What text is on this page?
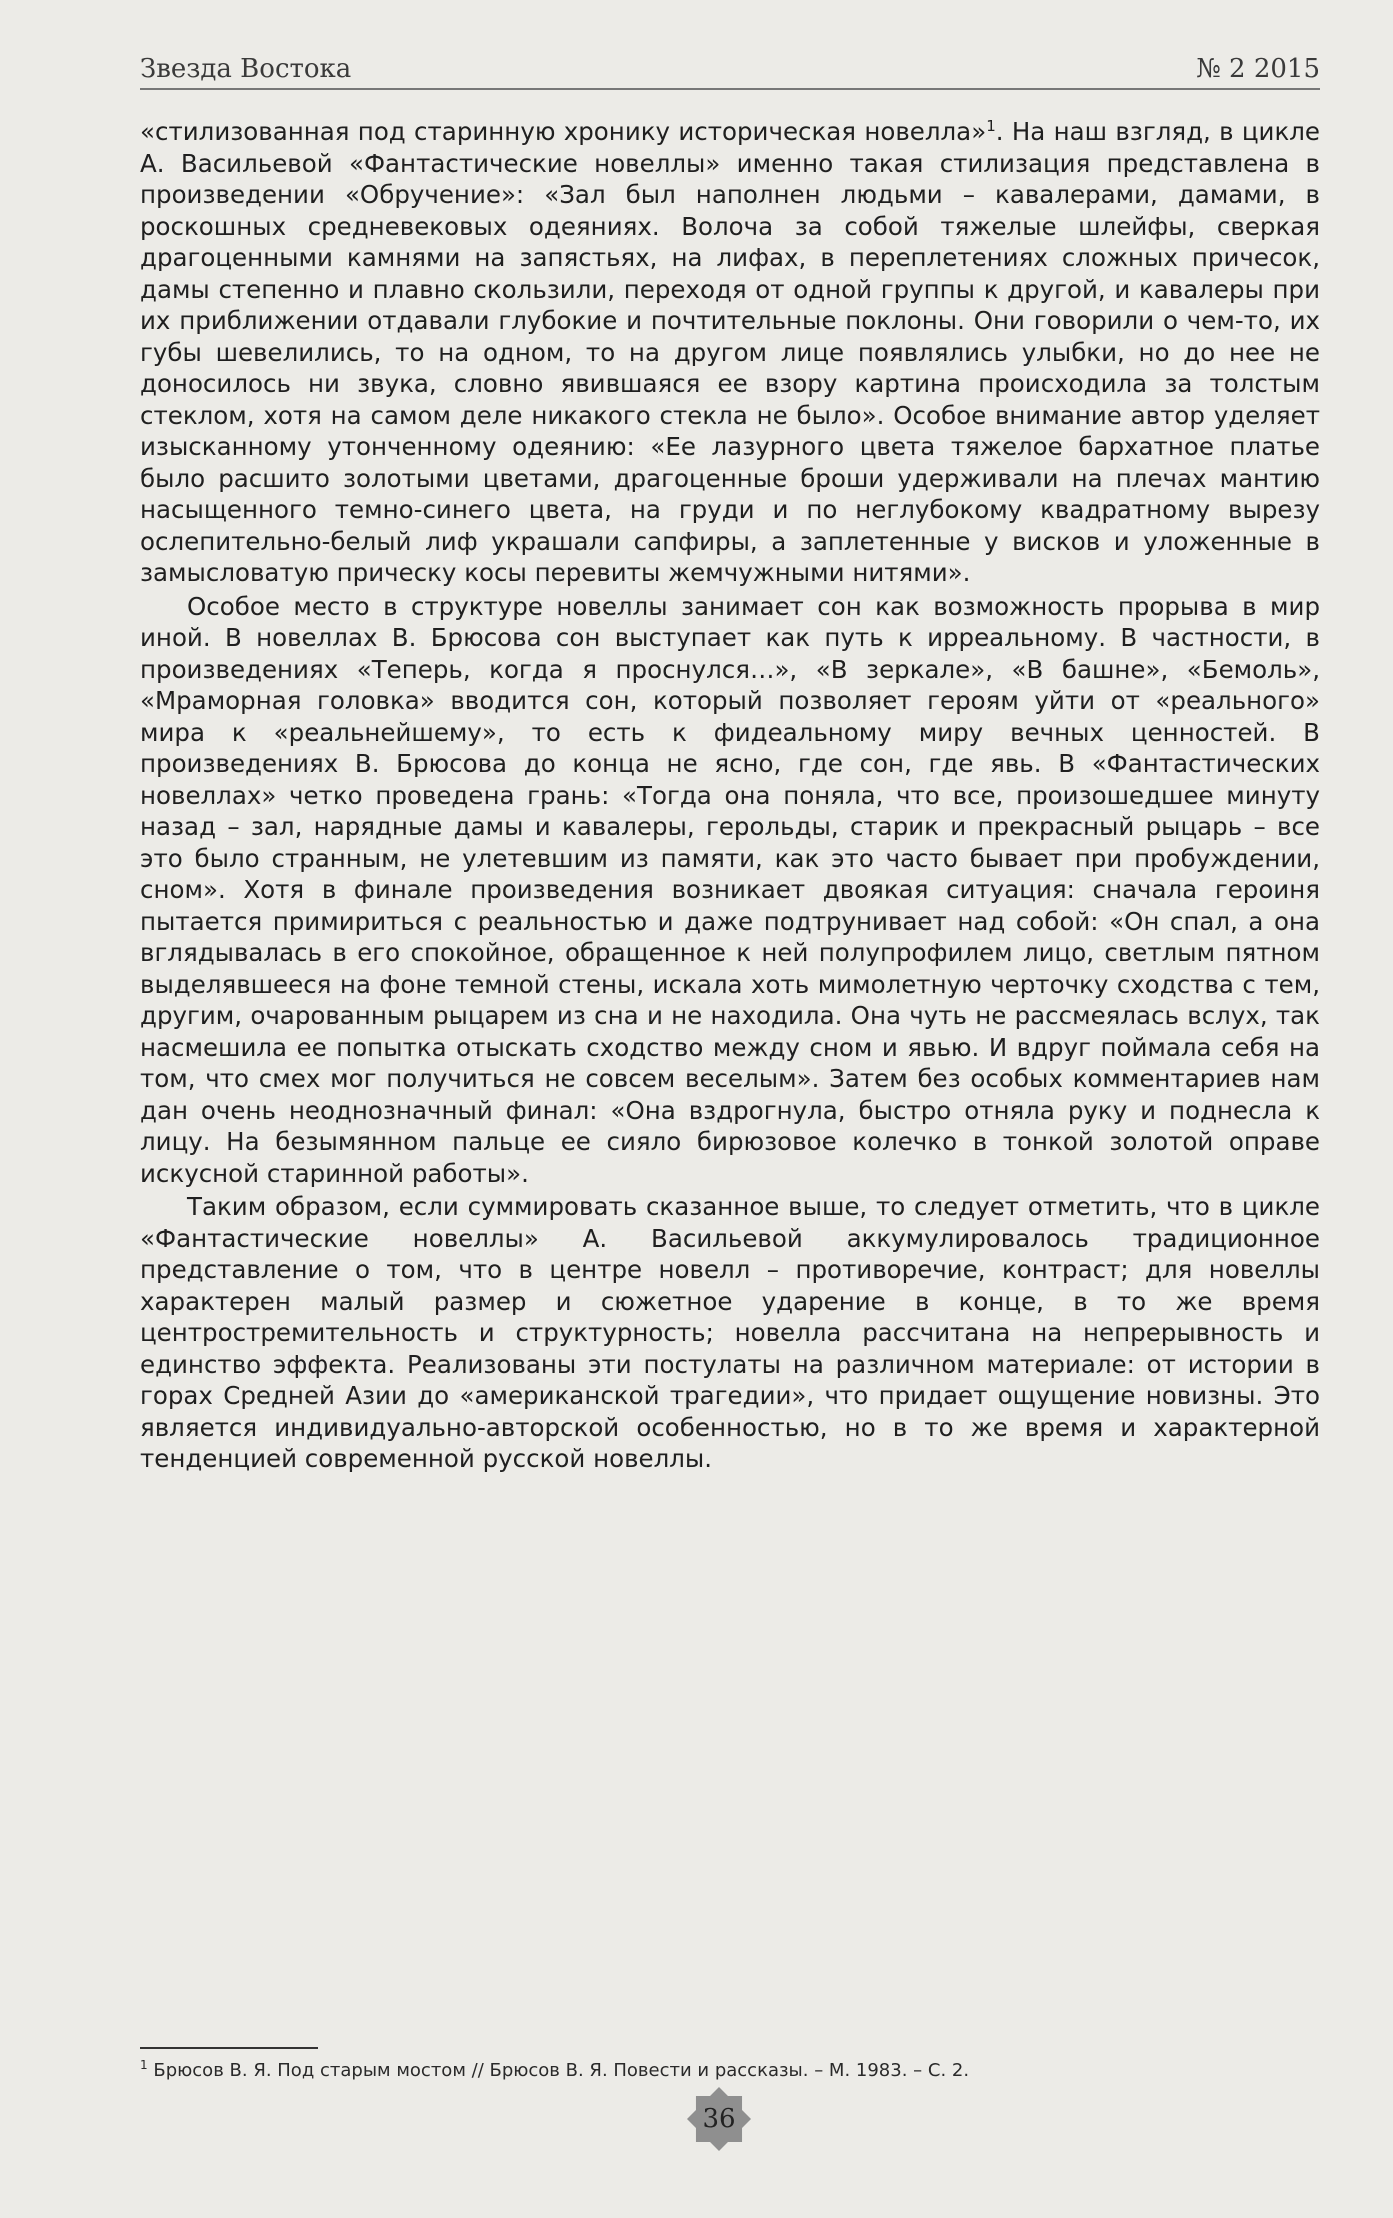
Звезда Востока	№ 2 2015

«стилизованная под старинную хронику историческая новелла»$^1$. На наш взгляд, в цикле А. Васильевой «Фантастические новеллы» именно такая стилизация представлена в произведении «Обручение»: «Зал был наполнен людьми – кавалерами, дамами, в роскошных средневековых одеяниях. Волоча за собой тяжелые шлейфы, сверкая драгоценными камнями на запястьях, на лифах, в переплетениях сложных причесок, дамы степенно и плавно скользили, переходя от одной группы к другой, и кавалеры при их приближении отдавали глубокие и почтительные поклоны. Они говорили о чем-то, их губы шевелились, то на одном, то на другом лице появлялись улыбки, но до нее не доносилось ни звука, словно явившаяся ее взору картина происходила за толстым стеклом, хотя на самом деле никакого стекла не было». Особое внимание автор уделяет изысканному утонченному одеянию: «Ее лазурного цвета тяжелое бархатное платье было расшито золотыми цветами, драгоценные броши удерживали на плечах мантию насыщенного темно-синего цвета, на груди и по неглубокому квадратному вырезу ослепительно-белый лиф украшали сапфиры, а заплетенные у висков и уложенные в замысловатую прическу косы перевиты жемчужными нитями».

Особое место в структуре новеллы занимает сон как возможность прорыва в мир иной. В новеллах В. Брюсова сон выступает как путь к ирреальному. В частности, в произведениях «Теперь, когда я проснулся…», «В зеркале», «В башне», «Бемоль», «Мраморная головка» вводится сон, который позволяет героям уйти от «реального» мира к «реальнейшему», то есть к фидеальному миру вечных ценностей. В произведениях В. Брюсова до конца не ясно, где сон, где явь. В «Фантастических новеллах» четко проведена грань: «Тогда она поняла, что все, произошедшее минуту назад – зал, нарядные дамы и кавалеры, герольды, старик и прекрасный рыцарь – все это было странным, не улетевшим из памяти, как это часто бывает при пробуждении, сном». Хотя в финале произведения возникает двоякая ситуация: сначала героиня пытается примириться с реальностью и даже подтрунивает над собой: «Он спал, а она вглядывалась в его спокойное, обращенное к ней полупрофилем лицо, светлым пятном выделявшееся на фоне темной стены, искала хоть мимолетную черточку сходства с тем, другим, очарованным рыцарем из сна и не находила. Она чуть не рассмеялась вслух, так насмешила ее попытка отыскать сходство между сном и явью. И вдруг поймала себя на том, что смех мог получиться не совсем веселым». Затем без особых комментариев нам дан очень неоднозначный финал: «Она вздрогнула, быстро отняла руку и поднесла к лицу. На безымянном пальце ее сияло бирюзовое колечко в тонкой золотой оправе искусной старинной работы».

Таким образом, если суммировать сказанное выше, то следует отметить, что в цикле «Фантастические новеллы» А. Васильевой аккумулировалось традиционное представление о том, что в центре новелл – противоречие, контраст; для новеллы характерен малый размер и сюжетное ударение в конце, в то же время центростремительность и структурность; новелла рассчитана на непрерывность и единство эффекта. Реализованы эти постулаты на различном материале: от истории в горах Средней Азии до «американской трагедии», что придает ощущение новизны. Это является индивидуально-авторской особенностью, но в то же время и характерной тенденцией современной русской новеллы.

$^1$ Брюсов В. Я. Под старым мостом // Брюсов В. Я. Повести и рассказы. – М. 1983. – С. 2.
36
